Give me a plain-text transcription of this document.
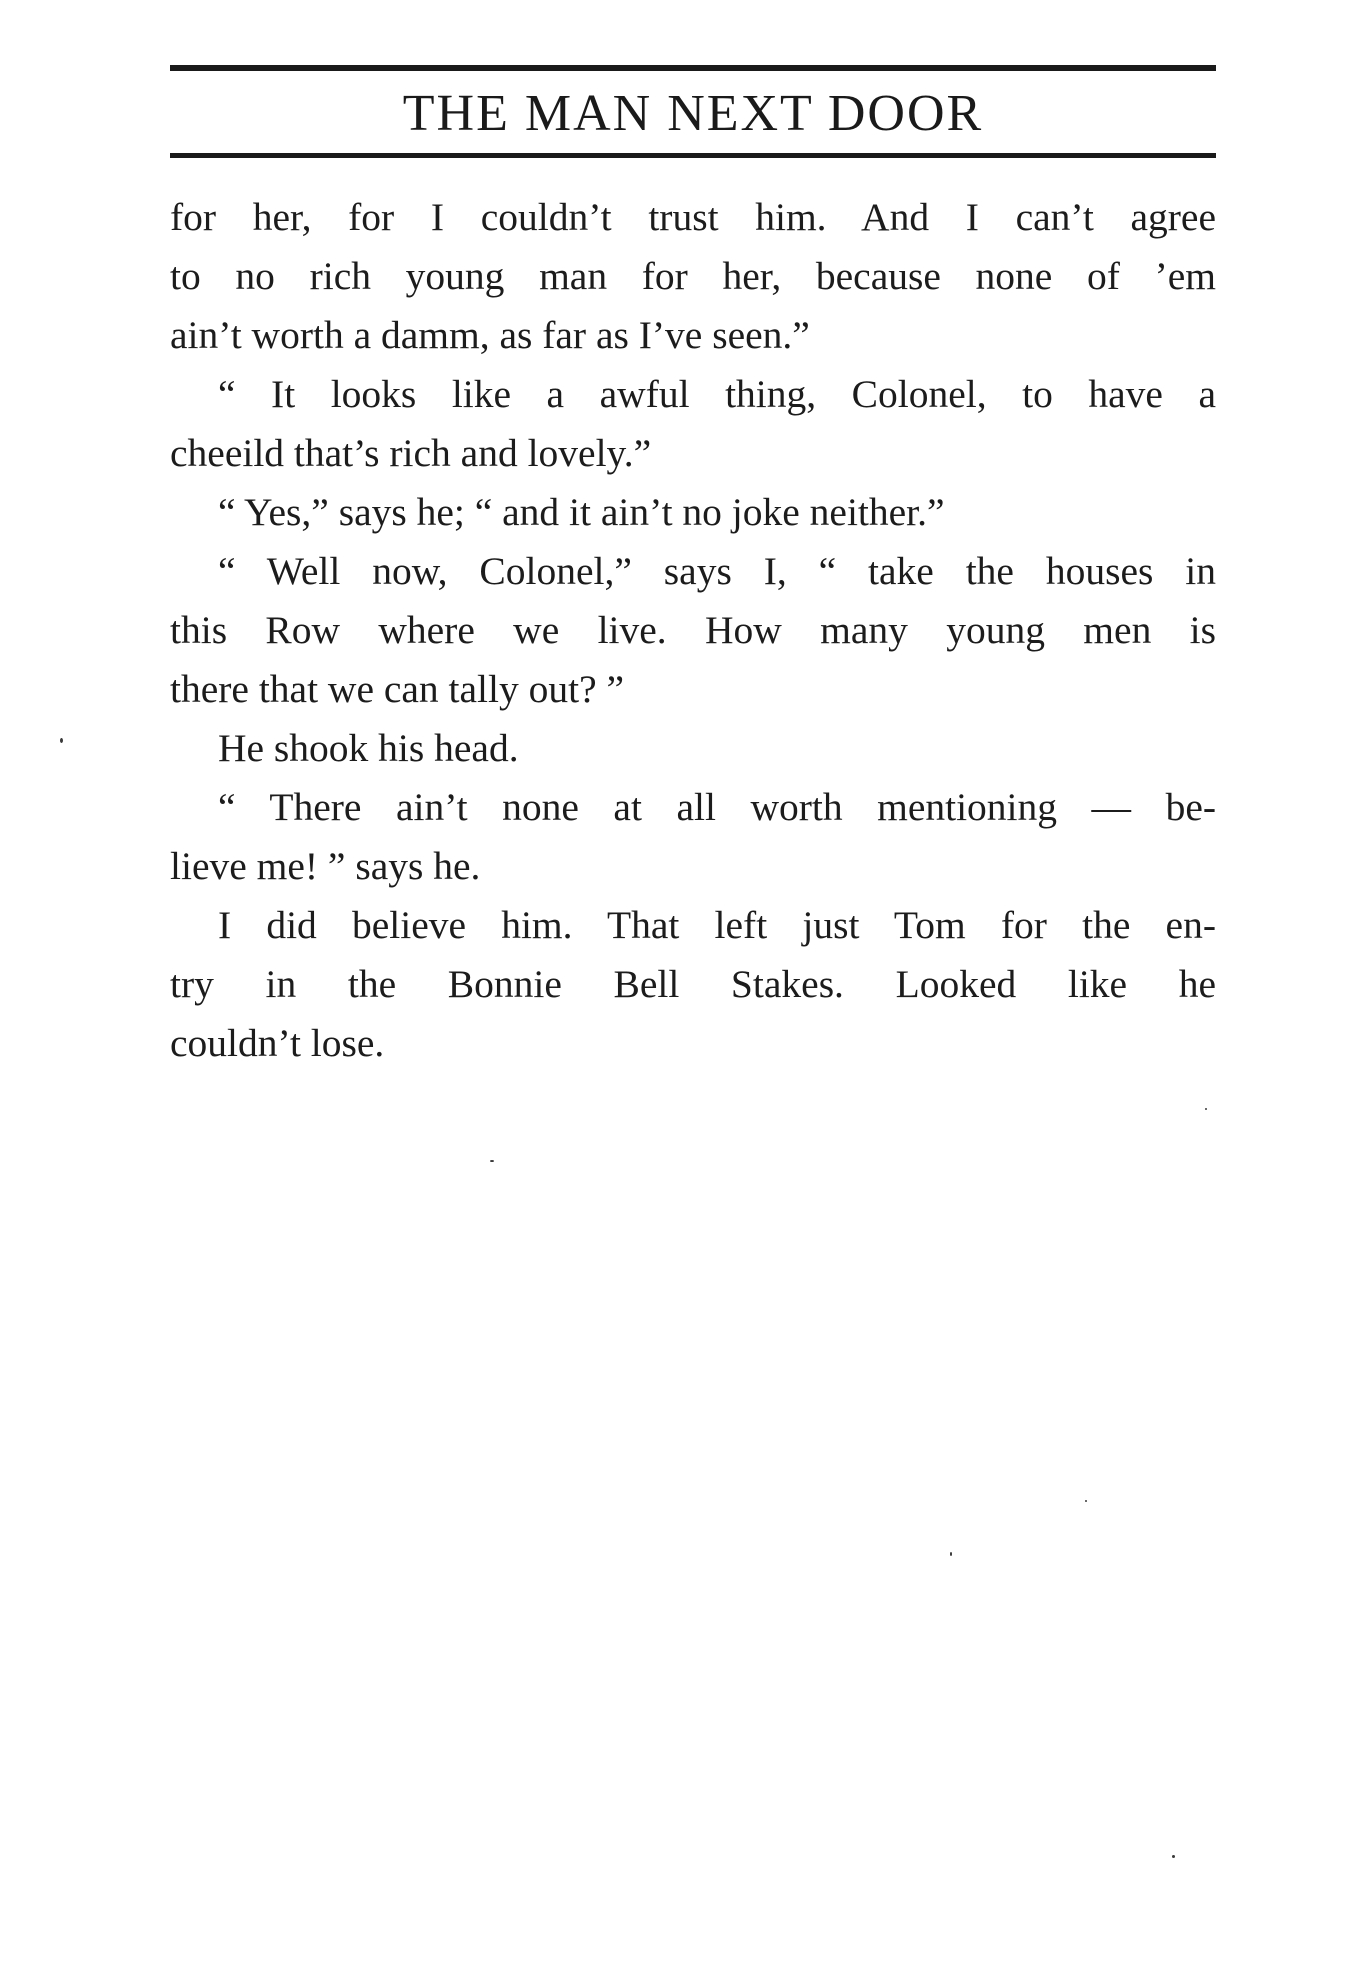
THE MAN NEXT DOOR
for her, for I couldn’t trust him. And I can’t agree
to no rich young man for her, because none of ’em
ain’t worth a damm, as far as I’ve seen.”
“ It looks like a awful thing, Colonel, to have a
cheeild that’s rich and lovely.”
“ Yes,” says he; “ and it ain’t no joke neither.”
“ Well now, Colonel,” says I, “ take the houses in
this Row where we live. How many young men is
there that we can tally out? ”
He shook his head.
“ There ain’t none at all worth mentioning — be-
lieve me! ” says he.
I did believe him. That left just Tom for the en-
try in the Bonnie Bell Stakes. Looked like he
couldn’t lose.
